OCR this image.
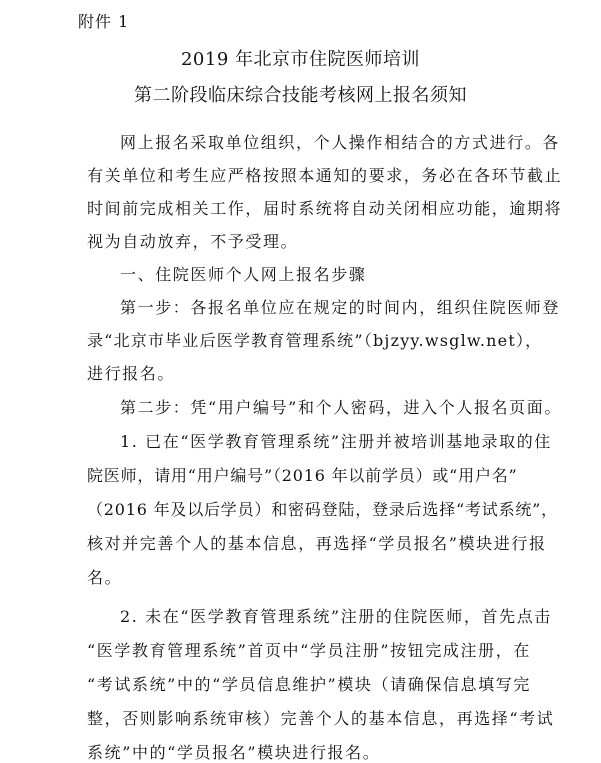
附件 1
2019 年北京市住院医师培训
第二阶段临床综合技能考核网上报名须知
网上报名采取单位组织，个人操作相结合的方式进行。各
有关单位和考生应严格按照本通知的要求，务必在各环节截止
时间前完成相关工作，届时系统将自动关闭相应功能，逾期将
视为自动放弃，不予受理。
一、住院医师个人网上报名步骤
第一步：各报名单位应在规定的时间内，组织住院医师登
录“北京市毕业后医学教育管理系统”（bjzyy.wsglw.net），
进行报名。
第二步：凭“用户编号”和个人密码，进入个人报名页面。
1. 已在“医学教育管理系统”注册并被培训基地录取的住
院医师，请用“用户编号”（2016 年以前学员）或“用户名”
（2016 年及以后学员）和密码登陆，登录后选择“考试系统”，
核对并完善个人的基本信息，再选择“学员报名”模块进行报
名。
2. 未在“医学教育管理系统”注册的住院医师，首先点击
“医学教育管理系统”首页中“学员注册”按钮完成注册，在
“考试系统”中的“学员信息维护”模块（请确保信息填写完
整，否则影响系统审核）完善个人的基本信息，再选择“考试
系统”中的“学员报名”模块进行报名。
